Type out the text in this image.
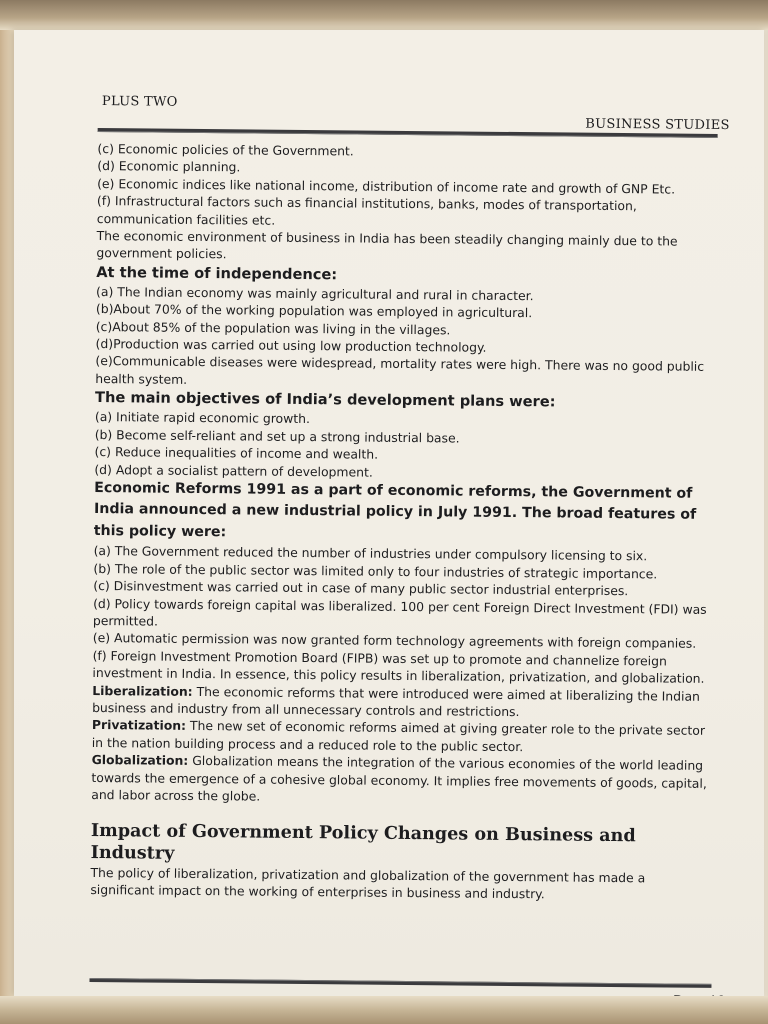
PLUS TWO
BUSINESS STUDIES

(c) Economic policies of the Government.

(d) Economic planning.

(e) Economic indices like national income, distribution of income rate and growth of GNP Etc.

(f) Infrastructural factors such as financial institutions, banks, modes of transportation, communication facilities etc.

The economic environment of business in India has been steadily changing mainly due to the government policies.

At the time of independence:

(a) The Indian economy was mainly agricultural and rural in character.

(b)About 70% of the working population was employed in agricultural.

(c)About 85% of the population was living in the villages.

(d)Production was carried out using low production technology.

(e)Communicable diseases were widespread, mortality rates were high. There was no good public health system.

The main objectives of India’s development plans were:

(a) Initiate rapid economic growth.

(b) Become self-reliant and set up a strong industrial base.

(c) Reduce inequalities of income and wealth.

(d) Adopt a socialist pattern of development.

Economic Reforms 1991 as a part of economic reforms, the Government of India announced a new industrial policy in July 1991. The broad features of this policy were:

(a) The Government reduced the number of industries under compulsory licensing to six.

(b) The role of the public sector was limited only to four industries of strategic importance.

(c) Disinvestment was carried out in case of many public sector industrial enterprises.

(d) Policy towards foreign capital was liberalized. 100 per cent Foreign Direct Investment (FDI) was permitted.

(e) Automatic permission was now granted form technology agreements with foreign companies.

(f) Foreign Investment Promotion Board (FIPB) was set up to promote and channelize foreign investment in India. In essence, this policy results in liberalization, privatization, and globalization.

Liberalization: The economic reforms that were introduced were aimed at liberalizing the Indian business and industry from all unnecessary controls and restrictions.

Privatization: The new set of economic reforms aimed at giving greater role to the private sector in the nation building process and a reduced role to the public sector.

Globalization: Globalization means the integration of the various economies of the world leading towards the emergence of a cohesive global economy. It implies free movements of goods, capital, and labor across the globe.

Impact of Government Policy Changes on Business and Industry

The policy of liberalization, privatization and globalization of the government has made a significant impact on the working of enterprises in business and industry.
